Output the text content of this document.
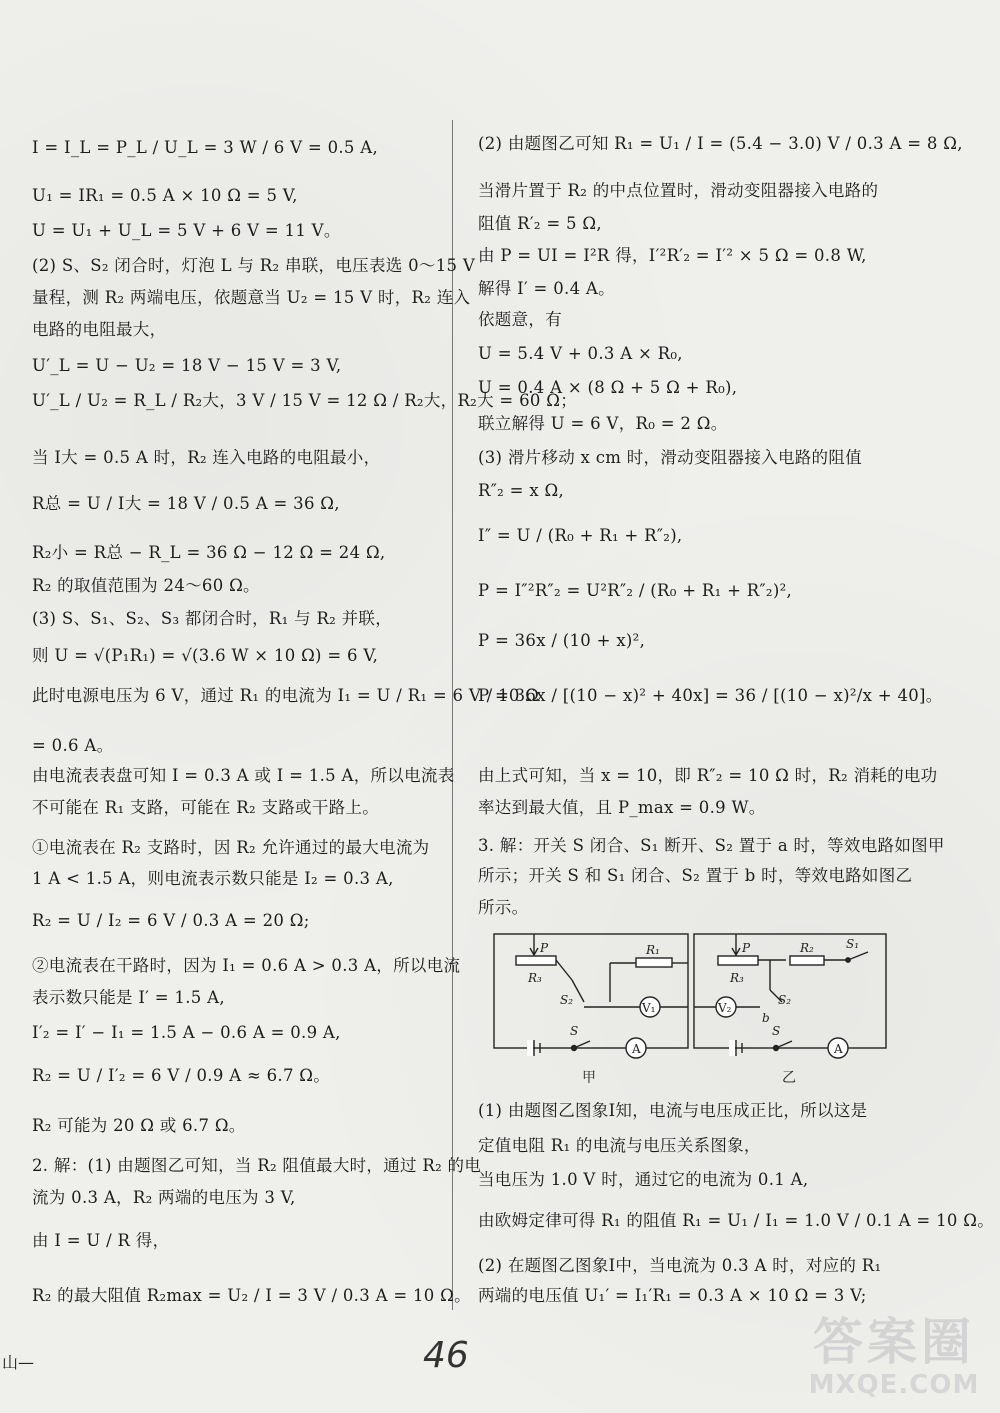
I = I_L = P_L / U_L = 3 W / 6 V = 0.5 A,
U₁ = IR₁ = 0.5 A × 10 Ω = 5 V,
U = U₁ + U_L = 5 V + 6 V = 11 V。
(2) S、S₂ 闭合时，灯泡 L 与 R₂ 串联，电压表选 0～15 V
量程，测 R₂ 两端电压，依题意当 U₂ = 15 V 时，R₂ 连入
电路的电阻最大，
U′_L = U − U₂ = 18 V − 15 V = 3 V,
U′_L / U₂ = R_L / R₂大，3 V / 15 V = 12 Ω / R₂大，R₂大 = 60 Ω；
当 I大 = 0.5 A 时，R₂ 连入电路的电阻最小，
R总 = U / I大 = 18 V / 0.5 A = 36 Ω,
R₂小 = R总 − R_L = 36 Ω − 12 Ω = 24 Ω,
R₂ 的取值范围为 24～60 Ω。
(3) S、S₁、S₂、S₃ 都闭合时，R₁ 与 R₂ 并联，
则 U = √(P₁R₁) = √(3.6 W × 10 Ω) = 6 V,
此时电源电压为 6 V，通过 R₁ 的电流为 I₁ = U / R₁ = 6 V / 10 Ω
= 0.6 A。
由电流表表盘可知 I = 0.3 A 或 I = 1.5 A，所以电流表
不可能在 R₁ 支路，可能在 R₂ 支路或干路上。
①电流表在 R₂ 支路时，因 R₂ 允许通过的最大电流为
1 A < 1.5 A，则电流表示数只能是 I₂ = 0.3 A,
R₂ = U / I₂ = 6 V / 0.3 A = 20 Ω;
②电流表在干路时，因为 I₁ = 0.6 A > 0.3 A，所以电流
表示数只能是 I′ = 1.5 A,
I′₂ = I′ − I₁ = 1.5 A − 0.6 A = 0.9 A,
R₂ = U / I′₂ = 6 V / 0.9 A ≈ 6.7 Ω。
R₂ 可能为 20 Ω 或 6.7 Ω。
2. 解：(1) 由题图乙可知，当 R₂ 阻值最大时，通过 R₂ 的电
流为 0.3 A，R₂ 两端的电压为 3 V,
由 I = U / R 得，
R₂ 的最大阻值 R₂max = U₂ / I = 3 V / 0.3 A = 10 Ω。
(2) 由题图乙可知 R₁ = U₁ / I = (5.4 − 3.0) V / 0.3 A = 8 Ω,
当滑片置于 R₂ 的中点位置时，滑动变阻器接入电路的
阻值 R′₂ = 5 Ω,
由 P = UI = I²R 得，I′²R′₂ = I′² × 5 Ω = 0.8 W,
解得 I′ = 0.4 A。
依题意，有
U = 5.4 V + 0.3 A × R₀,
U = 0.4 A × (8 Ω + 5 Ω + R₀),
联立解得 U = 6 V，R₀ = 2 Ω。
(3) 滑片移动 x cm 时，滑动变阻器接入电路的阻值
R″₂ = x Ω,
I″ = U / (R₀ + R₁ + R″₂),
P = I″²R″₂ = U²R″₂ / (R₀ + R₁ + R″₂)²,
P = 36x / (10 + x)²,
P = 36x / [(10 − x)² + 40x] = 36 / [(10 − x)²/x + 40]。
由上式可知，当 x = 10，即 R″₂ = 10 Ω 时，R₂ 消耗的电功
率达到最大值，且 P_max = 0.9 W。
3. 解：开关 S 闭合、S₁ 断开、S₂ 置于 a 时，等效电路如图甲
所示；开关 S 和 S₁ 闭合、S₂ 置于 b 时，等效电路如图乙
所示。
(1) 由题图乙图象Ⅰ知，电流与电压成正比，所以这是
定值电阻 R₁ 的电流与电压关系图象，
当电压为 1.0 V 时，通过它的电流为 0.1 A,
由欧姆定律可得 R₁ 的阻值 R₁ = U₁ / I₁ = 1.0 V / 0.1 A = 10 Ω。
(2) 在题图乙图象Ⅰ中，当电流为 0.3 A 时，对应的 R₁
两端的电压值 U₁′ = I₁′R₁ = 0.3 A × 10 Ω = 3 V;
P
R₃
R₁
S₂
V₁
S
A
P
R₃
R₂	S₁
S₂
b
V₂
S
A
甲	乙
46
山—	答案圈
MXQE.COM
